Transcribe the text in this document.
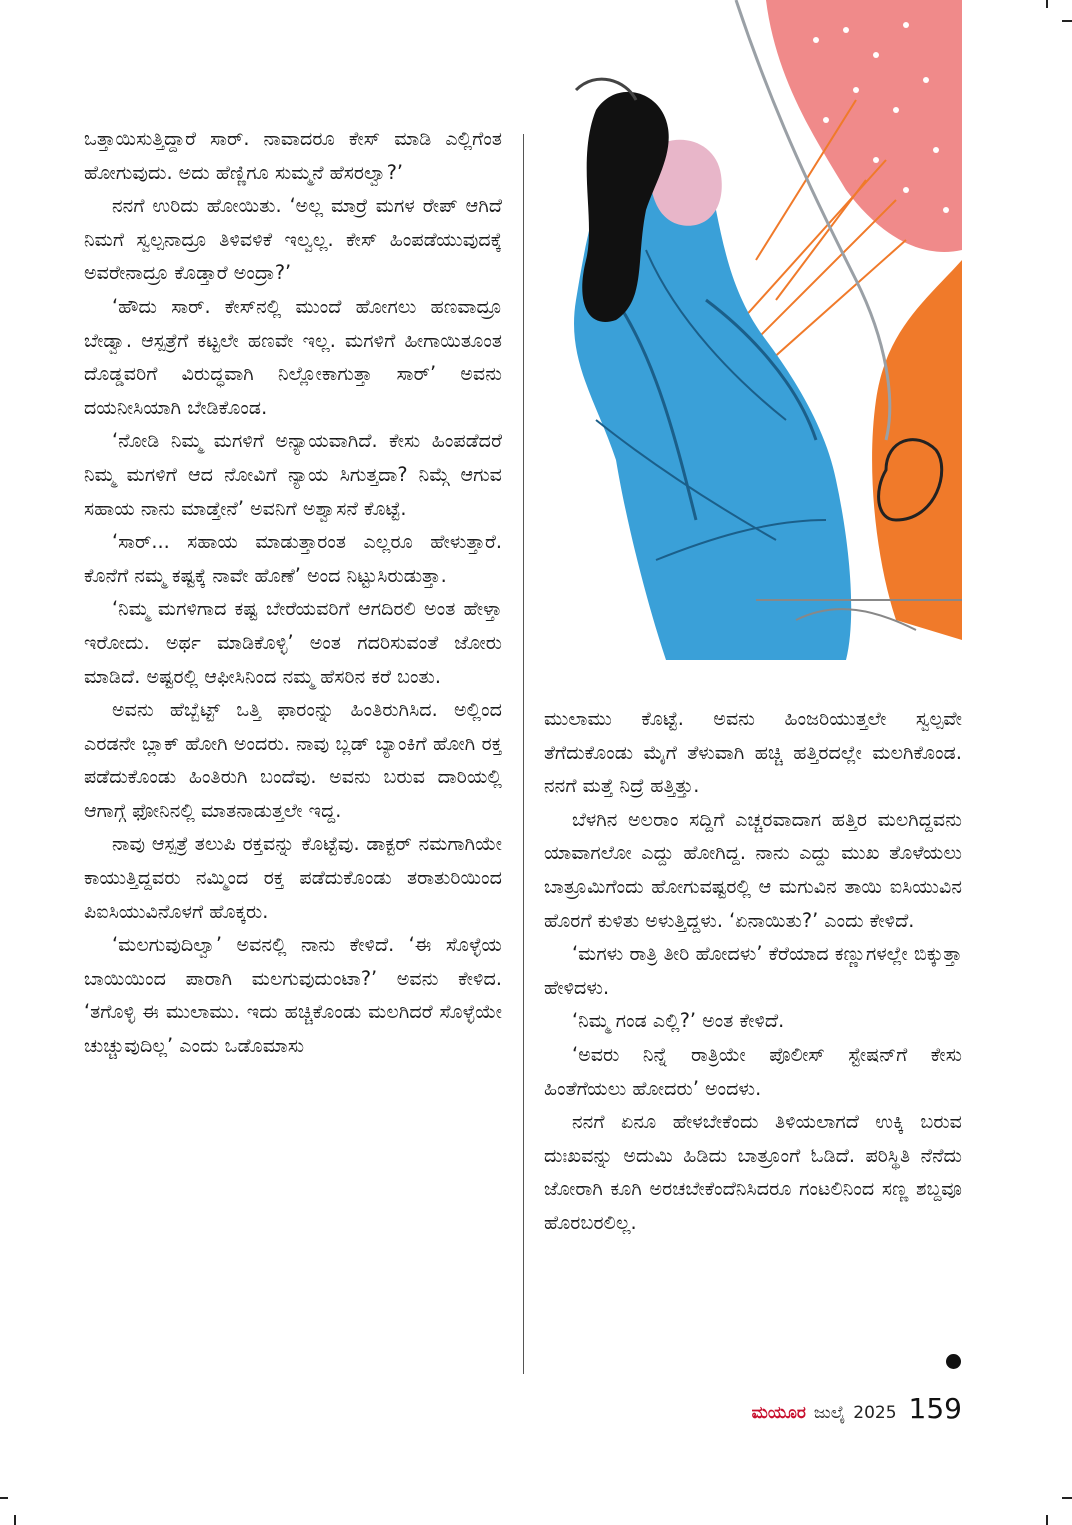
ಒತ್ತಾಯಿಸುತ್ತಿದ್ದಾರೆ ಸಾರ್. ನಾವಾದರೂ ಕೇಸ್ ಮಾಡಿ ಎಲ್ಲಿಗೆಂತ ಹೋಗುವುದು. ಅದು ಹೆಣ್ಣಿಗೂ ಸುಮ್ಮನೆ ಹೆಸರಲ್ವಾ?’

ನನಗೆ ಉರಿದು ಹೋಯಿತು. ‘ಅಲ್ಲ ಮಾರ್ರೆ ಮಗಳ ರೇಪ್ ಆಗಿದೆ ನಿಮಗೆ ಸ್ವಲ್ಪನಾದ್ರೂ ತಿಳಿವಳಿಕೆ ಇಲ್ವಲ್ಲ. ಕೇಸ್ ಹಿಂಪಡೆಯುವುದಕ್ಕೆ ಅವರೇನಾದ್ರೂ ಕೊಡ್ತಾರೆ ಅಂದ್ರಾ?’

‘ಹೌದು ಸಾರ್. ಕೇಸ್‌ನಲ್ಲಿ ಮುಂದೆ ಹೋಗಲು ಹಣವಾದ್ರೂ ಬೇಡ್ವಾ. ಆಸ್ಪತ್ರೆಗೆ ಕಟ್ಟಲೇ ಹಣವೇ ಇಲ್ಲ. ಮಗಳಿಗೆ ಹೀಗಾಯಿತೂಂತ ದೊಡ್ಡವರಿಗೆ ವಿರುದ್ಧವಾಗಿ ನಿಲ್ಲೋಕಾಗುತ್ತಾ ಸಾರ್’ ಅವನು ದಯನೀಸಿಯಾಗಿ ಬೇಡಿಕೊಂಡ.

‘ನೋಡಿ ನಿಮ್ಮ ಮಗಳಿಗೆ ಅನ್ಯಾಯವಾಗಿದೆ. ಕೇಸು ಹಿಂಪಡೆದರೆ ನಿಮ್ಮ ಮಗಳಿಗೆ ಆದ ನೋವಿಗೆ ನ್ಯಾಯ ಸಿಗುತ್ತದಾ? ನಿಮ್ಗೆ ಆಗುವ ಸಹಾಯ ನಾನು ಮಾಡ್ತೇನೆ’ ಅವನಿಗೆ ಅಶ್ವಾಸನೆ ಕೊಟ್ಟೆ.

‘ಸಾರ್... ಸಹಾಯ ಮಾಡುತ್ತಾರಂತ ಎಲ್ಲರೂ ಹೇಳುತ್ತಾರೆ. ಕೊನೆಗೆ ನಮ್ಮ ಕಷ್ಟಕ್ಕೆ ನಾವೇ ಹೊಣೆ’ ಅಂದ ನಿಟ್ಟುಸಿರುಡುತ್ತಾ.

‘ನಿಮ್ಮ ಮಗಳಿಗಾದ ಕಷ್ಟ ಬೇರೆಯವರಿಗೆ ಆಗದಿರಲಿ ಅಂತ ಹೇಳ್ತಾ ಇರೋದು. ಅರ್ಥ ಮಾಡಿಕೊಳ್ಳಿ’ ಅಂತ ಗದರಿಸುವಂತೆ ಜೋರು ಮಾಡಿದೆ. ಅಷ್ಟರಲ್ಲಿ ಆಫೀಸಿನಿಂದ ನಮ್ಮ ಹೆಸರಿನ ಕರೆ ಬಂತು.

ಅವನು ಹೆಬ್ಬೆಟ್ಟ್ ಒತ್ತಿ ಫಾರಂನ್ನು ಹಿಂತಿರುಗಿಸಿದ. ಅಲ್ಲಿಂದ ಎರಡನೇ ಬ್ಲಾಕ್ ಹೋಗಿ ಅಂದರು. ನಾವು ಬ್ಲಡ್ ಬ್ಯಾಂಕಿಗೆ ಹೋಗಿ ರಕ್ತ ಪಡೆದುಕೊಂಡು ಹಿಂತಿರುಗಿ ಬಂದೆವು. ಅವನು ಬರುವ ದಾರಿಯಲ್ಲಿ ಆಗಾಗ್ಗೆ ಫೋನಿನಲ್ಲಿ ಮಾತನಾಡುತ್ತಲೇ ಇದ್ದ.

ನಾವು ಆಸ್ಪತ್ರೆ ತಲುಪಿ ರಕ್ತವನ್ನು ಕೊಟ್ಟೆವು. ಡಾಕ್ಟರ್ ನಮಗಾಗಿಯೇ ಕಾಯುತ್ತಿದ್ದವರು ನಮ್ಮಿಂದ ರಕ್ತ ಪಡೆದುಕೊಂಡು ತರಾತುರಿಯಿಂದ ಪಿಐಸಿಯುವಿನೊಳಗೆ ಹೊಕ್ಕರು.

‘ಮಲಗುವುದಿಲ್ವಾ’ ಅವನಲ್ಲಿ ನಾನು ಕೇಳಿದೆ. ‘ಈ ಸೊಳ್ಳೆಯ ಬಾಯಿಯಿಂದ ಪಾರಾಗಿ ಮಲಗುವುದುಂಟಾ?’ ಅವನು ಕೇಳಿದ. ‘ತಗೊಳ್ಳಿ ಈ ಮುಲಾಮು. ಇದು ಹಚ್ಚಿಕೊಂಡು ಮಲಗಿದರೆ ಸೊಳ್ಳೆಯೇ ಚುಚ್ಚುವುದಿಲ್ಲ’ ಎಂದು ಒಡೊಮಾಸು

ಮುಲಾಮು ಕೊಟ್ಟೆ. ಅವನು ಹಿಂಜರಿಯುತ್ತಲೇ ಸ್ವಲ್ಪವೇ ತೆಗೆದುಕೊಂಡು ಮೈಗೆ ತೆಳುವಾಗಿ ಹಚ್ಚಿ ಹತ್ತಿರದಲ್ಲೇ ಮಲಗಿಕೊಂಡ. ನನಗೆ ಮತ್ತೆ ನಿದ್ರೆ ಹತ್ತಿತ್ತು.

ಬೆಳಗಿನ ಅಲರಾಂ ಸದ್ದಿಗೆ ಎಚ್ಚರವಾದಾಗ ಹತ್ತಿರ ಮಲಗಿದ್ದವನು ಯಾವಾಗಲೋ ಎದ್ದು ಹೋಗಿದ್ದ. ನಾನು ಎದ್ದು ಮುಖ ತೊಳೆಯಲು ಬಾತ್ರೂಮಿಗೆಂದು ಹೋಗುವಷ್ಟರಲ್ಲಿ ಆ ಮಗುವಿನ ತಾಯಿ ಐಸಿಯುವಿನ ಹೊರಗೆ ಕುಳಿತು ಅಳುತ್ತಿದ್ದಳು. ‘ಏನಾಯಿತು?’ ಎಂದು ಕೇಳಿದೆ.

‘ಮಗಳು ರಾತ್ರಿ ತೀರಿ ಹೋದಳು’ ಕೆರೆಯಾದ ಕಣ್ಣುಗಳಲ್ಲೇ ಬಿಕ್ಕುತ್ತಾ ಹೇಳಿದಳು.

‘ನಿಮ್ಮ ಗಂಡ ಎಲ್ಲಿ?’ ಅಂತ ಕೇಳಿದೆ.

‘ಅವರು ನಿನ್ನೆ ರಾತ್ರಿಯೇ ಪೊಲೀಸ್ ಸ್ಟೇಷನ್‌ಗೆ ಕೇಸು ಹಿಂತೆಗೆಯಲು ಹೋದರು’ ಅಂದಳು.

ನನಗೆ ಏನೂ ಹೇಳಬೇಕೆಂದು ತಿಳಿಯಲಾಗದೆ ಉಕ್ಕಿ ಬರುವ ದುಃಖವನ್ನು ಅದುಮಿ ಹಿಡಿದು ಬಾತ್ರೂಂಗೆ ಓಡಿದೆ. ಪರಿಸ್ಥಿತಿ ನೆನೆದು ಜೋರಾಗಿ ಕೂಗಿ ಅರಚಬೇಕೆಂದೆನಿಸಿದರೂ ಗಂಟಲಿನಿಂದ ಸಣ್ಣ ಶಬ್ದವೂ ಹೊರಬರಲಿಲ್ಲ.

ಮಯೂರ ಜುಲೈ 2025 159
